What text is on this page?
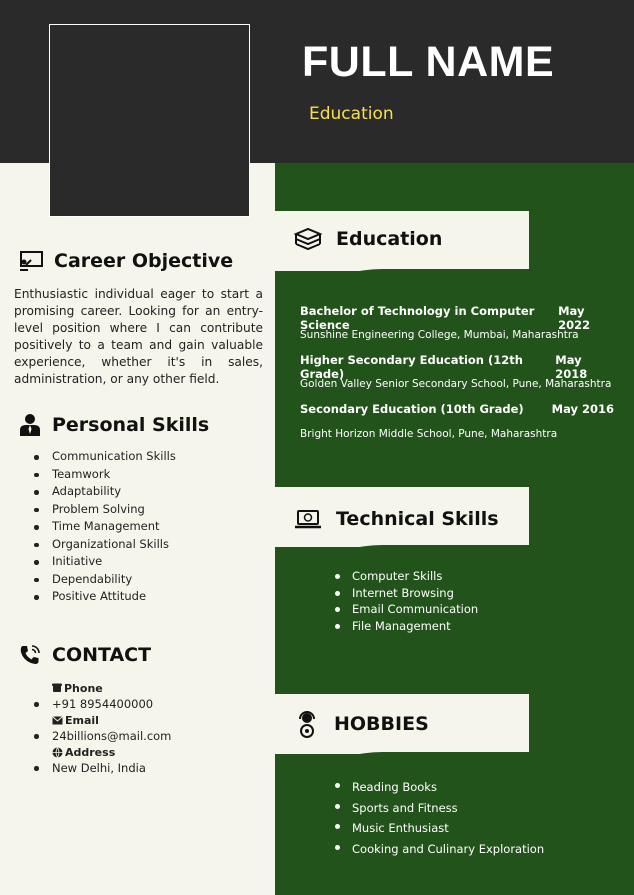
FULL NAME
Education
Education
Bachelor of Technology in Computer Science
May 2022
Sunshine Engineering College, Mumbai, Maharashtra
Higher Secondary Education (12th Grade)
May 2018
Golden Valley Senior Secondary School, Pune, Maharashtra
Secondary Education (10th Grade) May 2016
Bright Horizon Middle School, Pune, Maharashtra
Technical Skills
Computer Skills
Internet Browsing
Email Communication
File Management
HOBBIES
Reading Books
Sports and Fitness
Music Enthusiast
Cooking and Culinary Exploration
Career Objective
Enthusiastic individual eager to start a promising career. Looking for an entry-level position where I can contribute positively to a team and gain valuable experience, whether it's in sales, administration, or any other field.
Personal Skills
Communication Skills
Teamwork
Adaptability
Problem Solving
Time Management
Organizational Skills
Initiative
Dependability
Positive Attitude
CONTACT
Phone
+91 8954400000
Email
24billions@mail.com
Address
New Delhi, India
